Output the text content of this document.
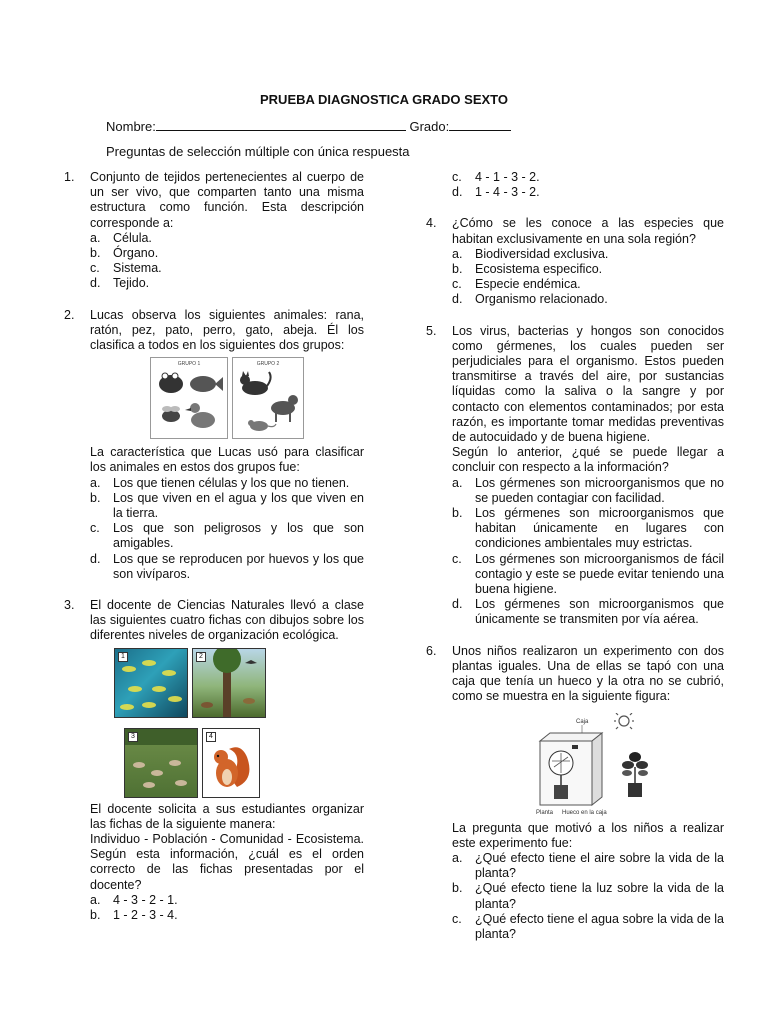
PRUEBA DIAGNOSTICA GRADO SEXTO
Nombre:	Grado:
Preguntas de selección múltiple con única respuesta
1. Conjunto de tejidos pertenecientes al cuerpo de un ser vivo, que comparten tanto una misma estructura como función. Esta descripción corresponde a:
a. Célula.
b. Órgano.
c. Sistema.
d. Tejido.
2. Lucas observa los siguientes animales: rana, ratón, pez, pato, perro, gato, abeja. Él los clasifica a todos en los siguientes dos grupos:
GRUPO 1	GRUPO 2
La característica que Lucas usó para clasificar los animales en estos dos grupos fue:
a. Los que tienen células y los que no tienen.
b. Los que viven en el agua y los que viven en la tierra.
c. Los que son peligrosos y los que son amigables.
d. Los que se reproducen por huevos y los que son vivíparos.
3. El docente de Ciencias Naturales llevó a clase las siguientes cuatro fichas con dibujos sobre los diferentes niveles de organización ecológica.
1	2
3	4
El docente solicita a sus estudiantes organizar las fichas de la siguiente manera:
Individuo - Población - Comunidad - Ecosistema. Según esta información, ¿cuál es el orden correcto de las fichas presentadas por el docente?
a. 4 - 3 - 2 - 1.
b. 1 - 2 - 3 - 4.
c. 4 - 1 - 3 - 2.
d. 1 - 4 - 3 - 2.
4. ¿Cómo se les conoce a las especies que habitan exclusivamente en una sola región?
a. Biodiversidad exclusiva.
b. Ecosistema especifico.
c. Especie endémica.
d. Organismo relacionado.
5. Los virus, bacterias y hongos son conocidos como gérmenes, los cuales pueden ser perjudiciales para el organismo. Estos pueden transmitirse a través del aire, por sustancias líquidas como la saliva o la sangre y por contacto con elementos contaminados; por esta razón, es importante tomar medidas preventivas de autocuidado y de buena higiene.
Según lo anterior, ¿qué se puede llegar a concluir con respecto a la información?
a. Los gérmenes son microorganismos que no se pueden contagiar con facilidad.
b. Los gérmenes son microorganismos que habitan únicamente en lugares con condiciones ambientales muy estrictas.
c. Los gérmenes son microorganismos de fácil contagio y este se puede evitar teniendo una buena higiene.
d. Los gérmenes son microorganismos que únicamente se transmiten por vía aérea.
6. Unos niños realizaron un experimento con dos plantas iguales. Una de ellas se tapó con una caja que tenía un hueco y la otra no se cubrió, como se muestra en la siguiente figura:
Caja
Planta Hueco en la caja
La pregunta que motivó a los niños a realizar este experimento fue:
a. ¿Qué efecto tiene el aire sobre la vida de la planta?
b. ¿Qué efecto tiene la luz sobre la vida de la planta?
c. ¿Qué efecto tiene el agua sobre la vida de la planta?
